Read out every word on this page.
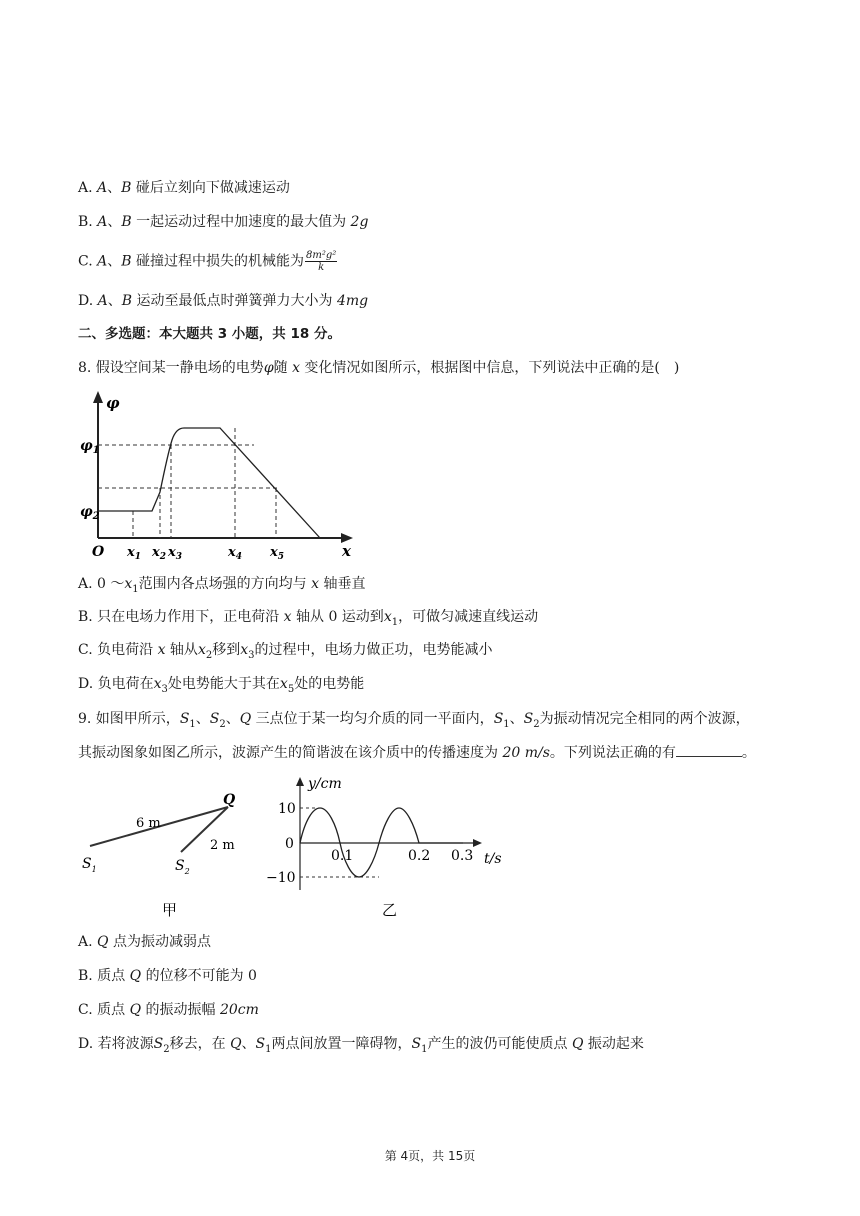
A. A、B 碰后立刻向下做减速运动
B. A、B 一起运动过程中加速度的最大值为 2g
C. A、B 碰撞过程中损失的机械能为 $\frac{\text{8m²g²}}{k}$
D. A、B 运动至最低点时弹簧弹力大小为 4mg
二、多选题：本大题共 3 小题，共 18 分。
8. 假设空间某一静电场的电势φ随 x 变化情况如图所示，根据图中信息，下列说法中正确的是(　)
φ
x
O
$\varphi_1$
$\varphi_2$
$x_1$ $x_2$ $x_3$	$x_4$ $x_5$
A. 0 $\sim x_1$范围内各点场强的方向均与 x 轴垂直
B. 只在电场力作用下，正电荷沿 x 轴从 0 运动到$x_1$，可做匀减速直线运动
C. 负电荷沿 x 轴从$x_2$移到$x_3$的过程中，电场力做正功，电势能减小
D. 负电荷在$x_3$处电势能大于其在$x_5$处的电势能
9. 如图甲所示，$S_1$、$S_2$、Q 三点位于某一均匀介质的同一平面内，$S_1$、$S_2$为振动情况完全相同的两个波源，
其振动图象如图乙所示，波源产生的简谐波在该介质中的传播速度为 20 m/s。下列说法正确的有	。
Q
$S_1$	$S_2$
6 m
2 m
甲
y/cm
t/s
0
10
−10
0.1	0.2 0.3
乙
A. Q 点为振动减弱点
B. 质点 Q 的位移不可能为 0
C. 质点 Q 的振动振幅 20cm
D. 若将波源$S_2$移去，在 Q、$S_1$两点间放置一障碍物，$S_1$产生的波仍可能使质点 Q 振动起来
第 4页，共 15页
